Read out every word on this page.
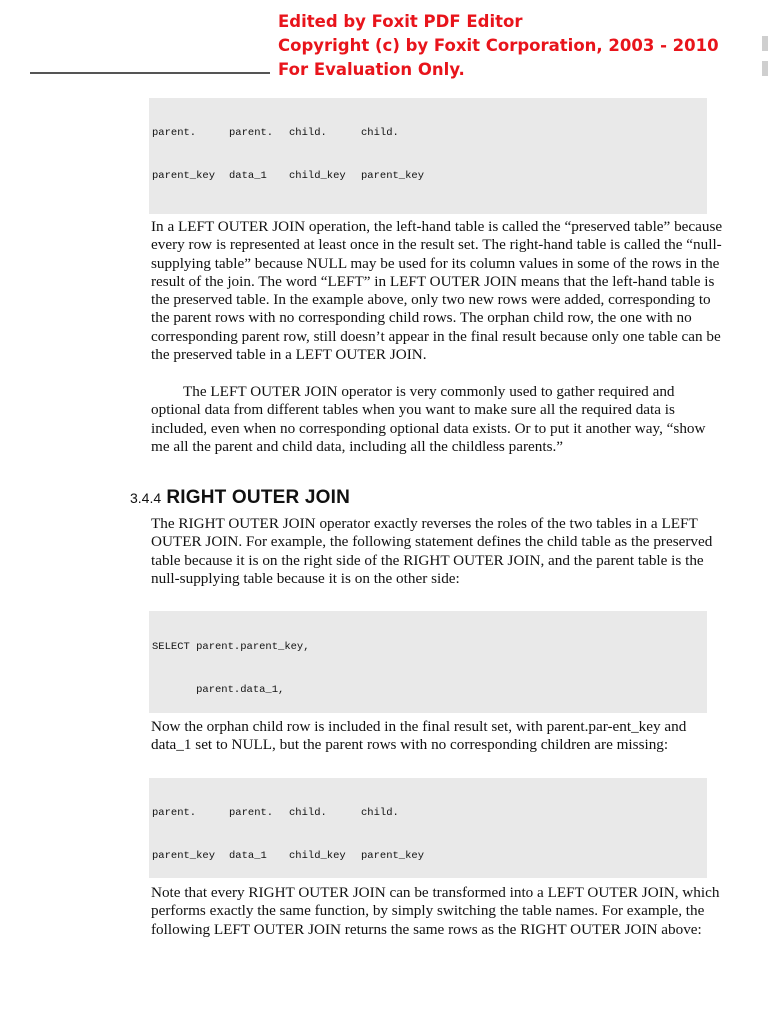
Edited by Foxit PDF Editor
Copyright (c) by Foxit Corporation, 2003 - 2010
For Evaluation Only.

parent.	parent. child.	child.

parent_key data_1 child_key parent_key

In a LEFT OUTER JOIN operation, the left-hand table is called the “preserved table” because every row is represented at least once in the result set. The right-hand table is called the “null-supplying table” because NULL may be used for its column values in some of the rows in the result of the join. The word “LEFT” in LEFT OUTER JOIN means that the left-hand table is the preserved table. In the example above, only two new rows were added, corresponding to the parent rows with no corresponding child rows. The orphan child row, the one with no corresponding parent row, still doesn’t appear in the final result because only one table can be the preserved table in a LEFT OUTER JOIN.

The LEFT OUTER JOIN operator is very commonly used to gather required and optional data from different tables when you want to make sure all the required data is included, even when no corresponding optional data exists. Or to put it another way, “show me all the parent and child data, including all the childless parents.”

3.4.4 RIGHT OUTER JOIN

The RIGHT OUTER JOIN operator exactly reverses the roles of the two tables in a LEFT OUTER JOIN. For example, the following statement defines the child table as the preserved table because it is on the right side of the RIGHT OUTER JOIN, and the parent table is the null-supplying table because it is on the other side:

SELECT parent.parent_key,

parent.data_1,

Now the orphan child row is included in the final result set, with parent.par-ent_key and data_1 set to NULL, but the parent rows with no corresponding children are missing:

parent.	parent. child.	child.

parent_key data_1 child_key parent_key

Note that every RIGHT OUTER JOIN can be transformed into a LEFT OUTER JOIN, which performs exactly the same function, by simply switching the table names. For example, the following LEFT OUTER JOIN returns the same rows as the RIGHT OUTER JOIN above:
